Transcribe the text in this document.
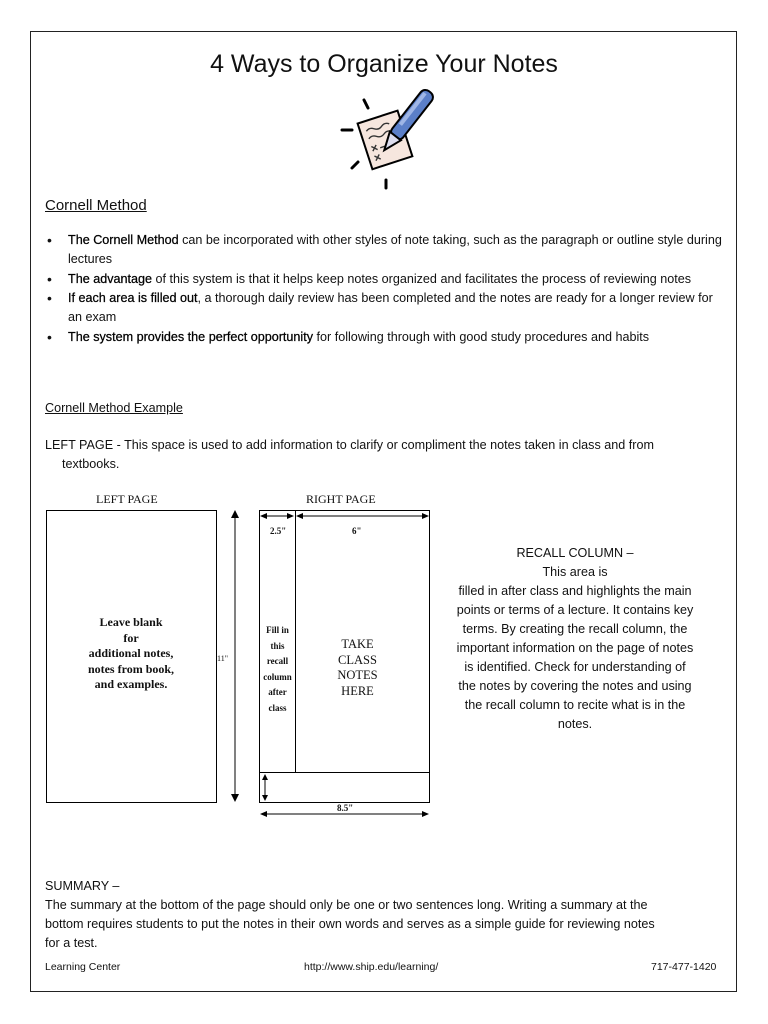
4 Ways to Organize Your Notes
Cornell Method
• The Cornell Method can be incorporated with other styles of note taking, such as the paragraph or outline style during lectures
• The advantage of this system is that it helps keep notes organized and facilitates the process of reviewing notes
• If each area is filled out, a thorough daily review has been completed and the notes are ready for a longer review for an exam
• The system provides the perfect opportunity for following through with good study procedures and habits
Cornell Method Example
LEFT PAGE - This space is used to add information to clarify or compliment the notes taken in class and from
textbooks.
LEFT PAGE	RIGHT PAGE
11"
2.5"	6"
8.5"
Leave blank
for
additional notes,
notes from book,
and examples.
Fill in
this
recall
column
after
class
TAKE
CLASS
NOTES
HERE
RECALL COLUMN –
This area is
filled in after class and highlights the main
points or terms of a lecture. It contains key
terms. By creating the recall column, the
important information on the page of notes
is identified. Check for understanding of
the notes by covering the notes and using
the recall column to recite what is in the
notes.
SUMMARY –
The summary at the bottom of the page should only be one or two sentences long. Writing a summary at the
bottom requires students to put the notes in their own words and serves as a simple guide for reviewing notes
for a test.
Learning Center	http://www.ship.edu/learning/	717-477-1420
